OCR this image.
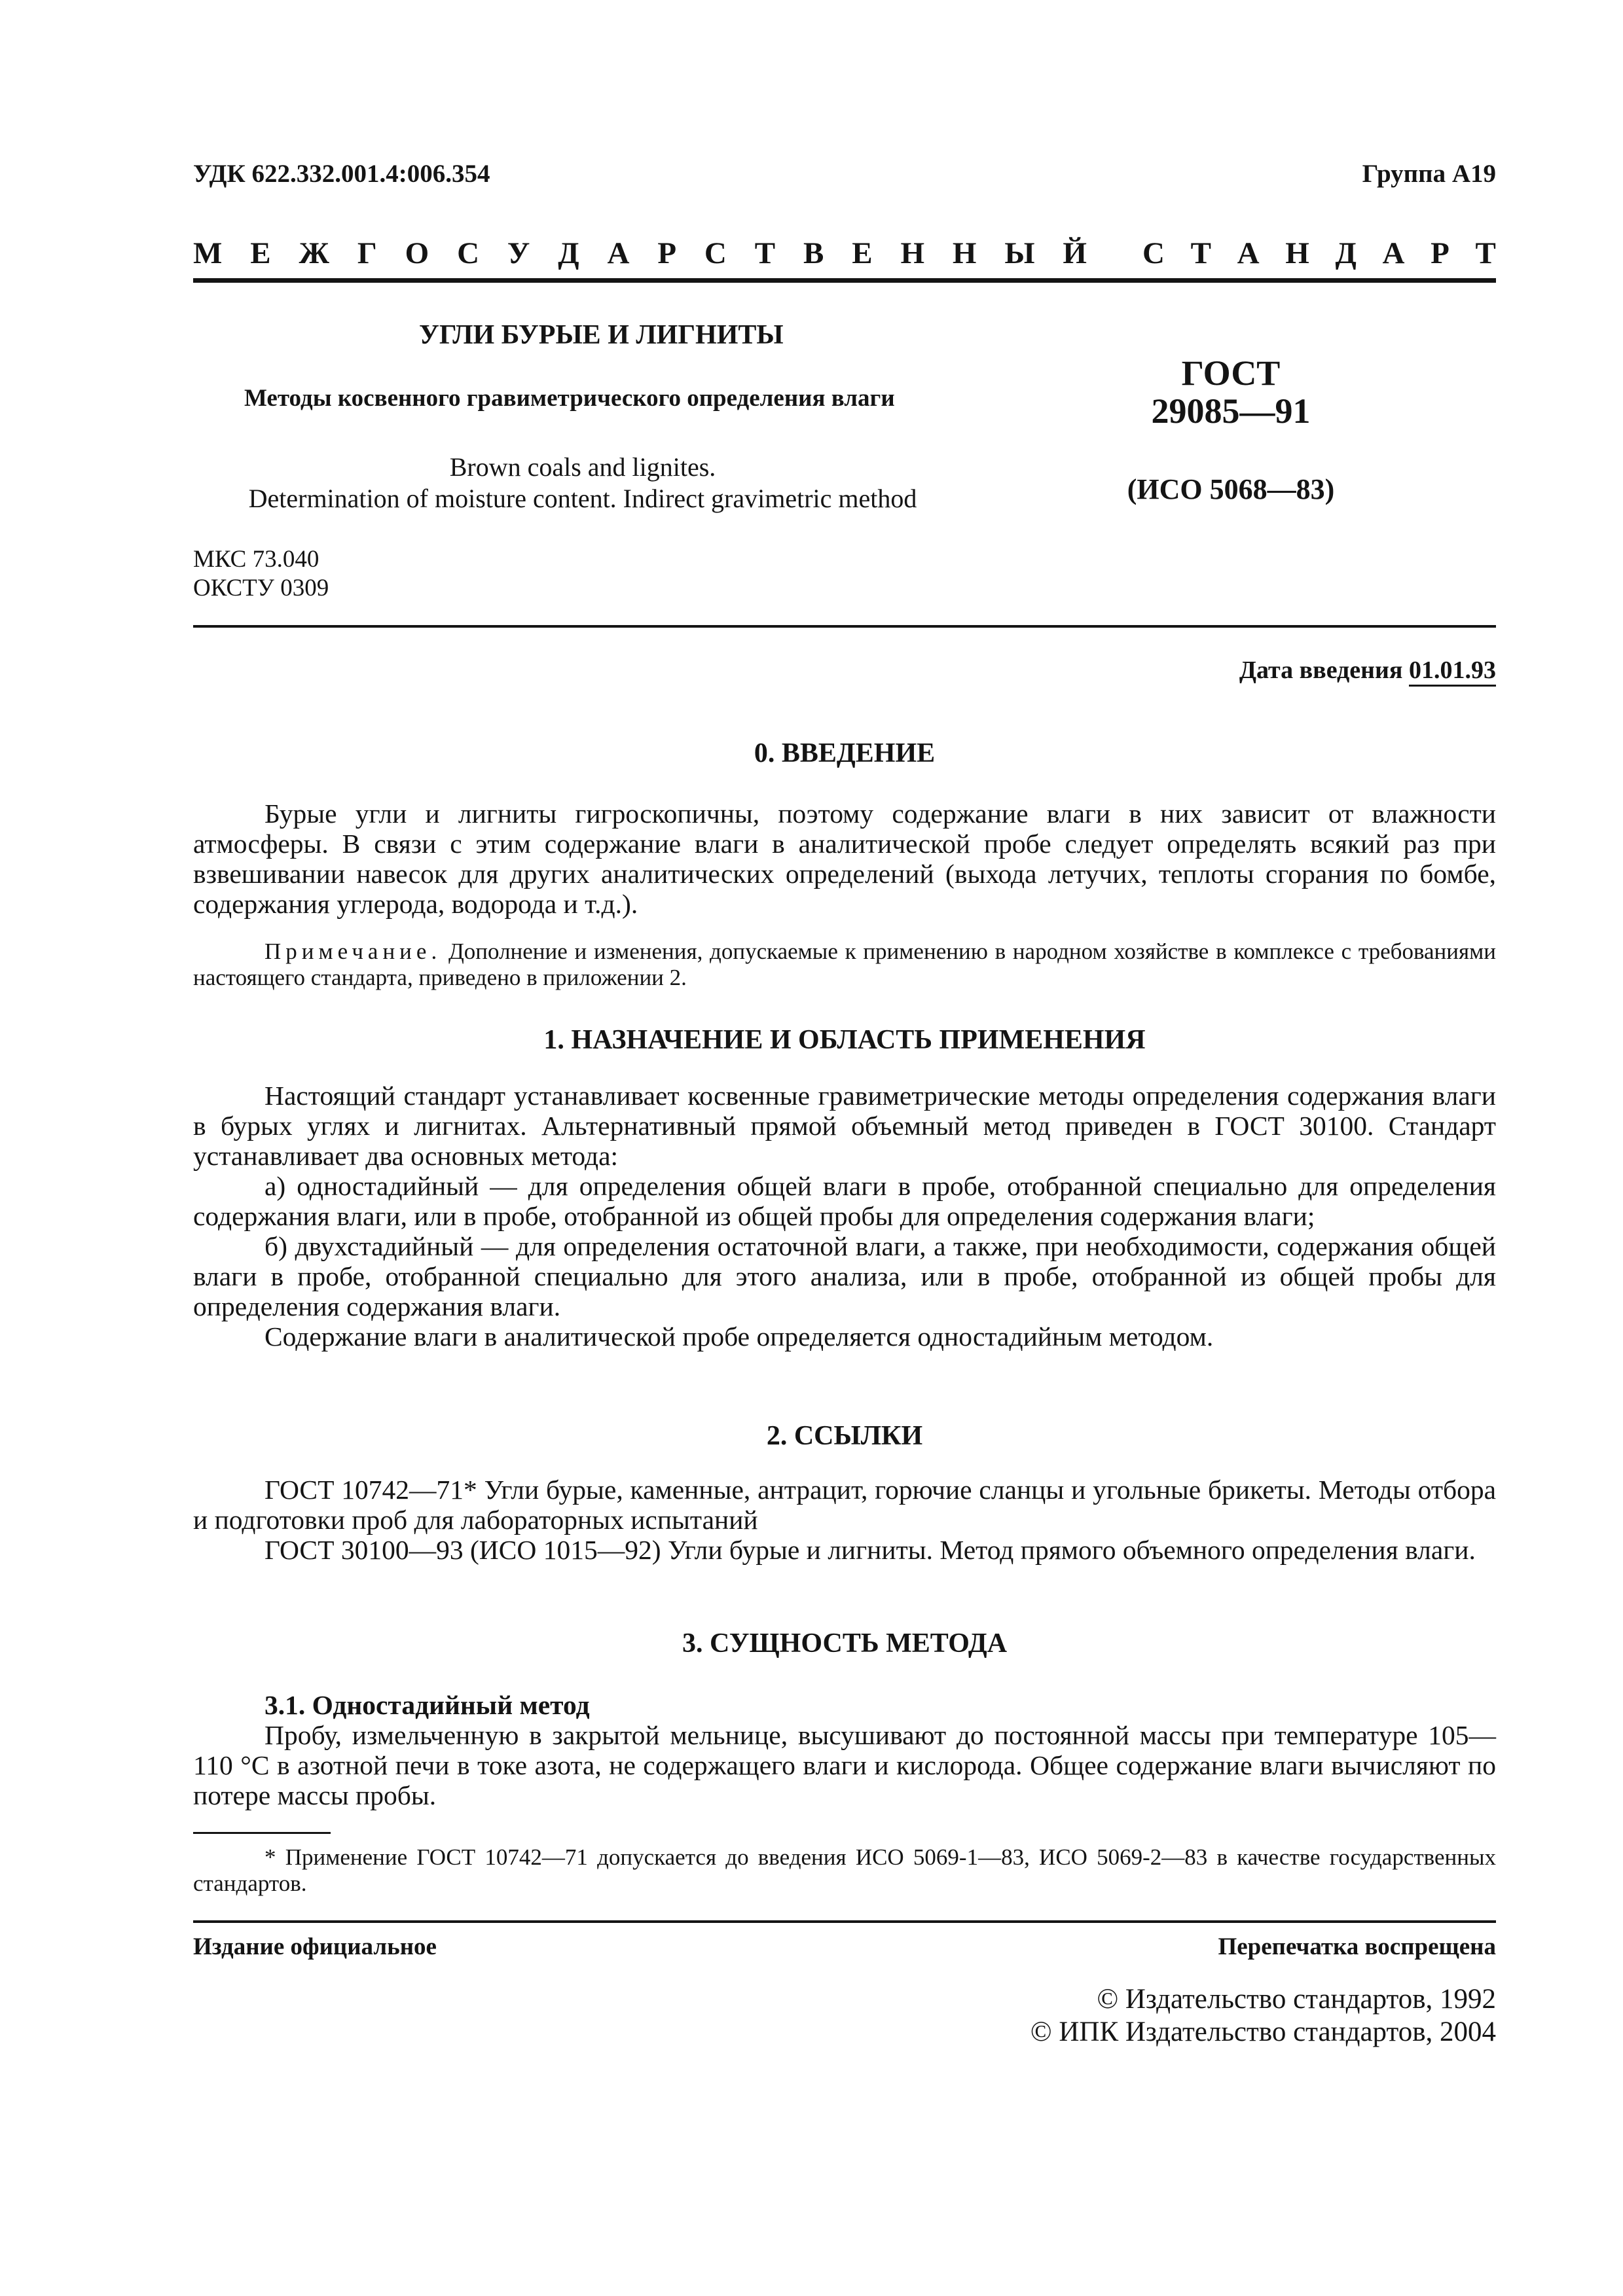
УДК 622.332.001.4:006.354	Группа А19
М Е Ж Г О С У Д А Р С Т В Е Н Н Ы Й С Т А Н Д А Р Т
УГЛИ БУРЫЕ И ЛИГНИТЫ
Методы косвенного гравиметрического определения влаги
Brown coals and lignites.
Determination of moisture content. Indirect gravimetric method
ГОСТ
29085—91
(ИСО 5068—83)
МКС 73.040
ОКСТУ 0309
Дата введения 01.01.93
0. ВВЕДЕНИЕ

Бурые угли и лигниты гигроскопичны, поэтому содержание влаги в них зависит от влажности атмосферы. В связи с этим содержание влаги в аналитической пробе следует определять всякий раз при взвешивании навесок для других аналитических определений (выхода летучих, теплоты сгорания по бомбе, содержания углерода, водорода и т.д.).

Примечание. Дополнение и изменения, допускаемые к применению в народном хозяйстве в комплексе с требованиями настоящего стандарта, приведено в приложении 2.

1. НАЗНАЧЕНИЕ И ОБЛАСТЬ ПРИМЕНЕНИЯ

Настоящий стандарт устанавливает косвенные гравиметрические методы определения содержания влаги в бурых углях и лигнитах. Альтернативный прямой объемный метод приведен в ГОСТ 30100. Стандарт устанавливает два основных метода:

а) одностадийный — для определения общей влаги в пробе, отобранной специально для определения содержания влаги, или в пробе, отобранной из общей пробы для определения содержания влаги;

б) двухстадийный — для определения остаточной влаги, а также, при необходимости, содержания общей влаги в пробе, отобранной специально для этого анализа, или в пробе, отобранной из общей пробы для определения содержания влаги.

Содержание влаги в аналитической пробе определяется одностадийным методом.

2. ССЫЛКИ

ГОСТ 10742—71* Угли бурые, каменные, антрацит, горючие сланцы и угольные брикеты. Методы отбора и подготовки проб для лабораторных испытаний

ГОСТ 30100—93 (ИСО 1015—92) Угли бурые и лигниты. Метод прямого объемного определения влаги.

3. СУЩНОСТЬ МЕТОДА

3.1. Одностадийный метод

Пробу, измельченную в закрытой мельнице, высушивают до постоянной массы при температуре 105—110 °С в азотной печи в токе азота, не содержащего влаги и кислорода. Общее содержание влаги вычисляют по потере массы пробы.

* Применение ГОСТ 10742—71 допускается до введения ИСО 5069-1—83, ИСО 5069-2—83 в качестве государственных стандартов.

Издание официальное	Перепечатка воспрещена
© Издательство стандартов, 1992
© ИПК Издательство стандартов, 2004
